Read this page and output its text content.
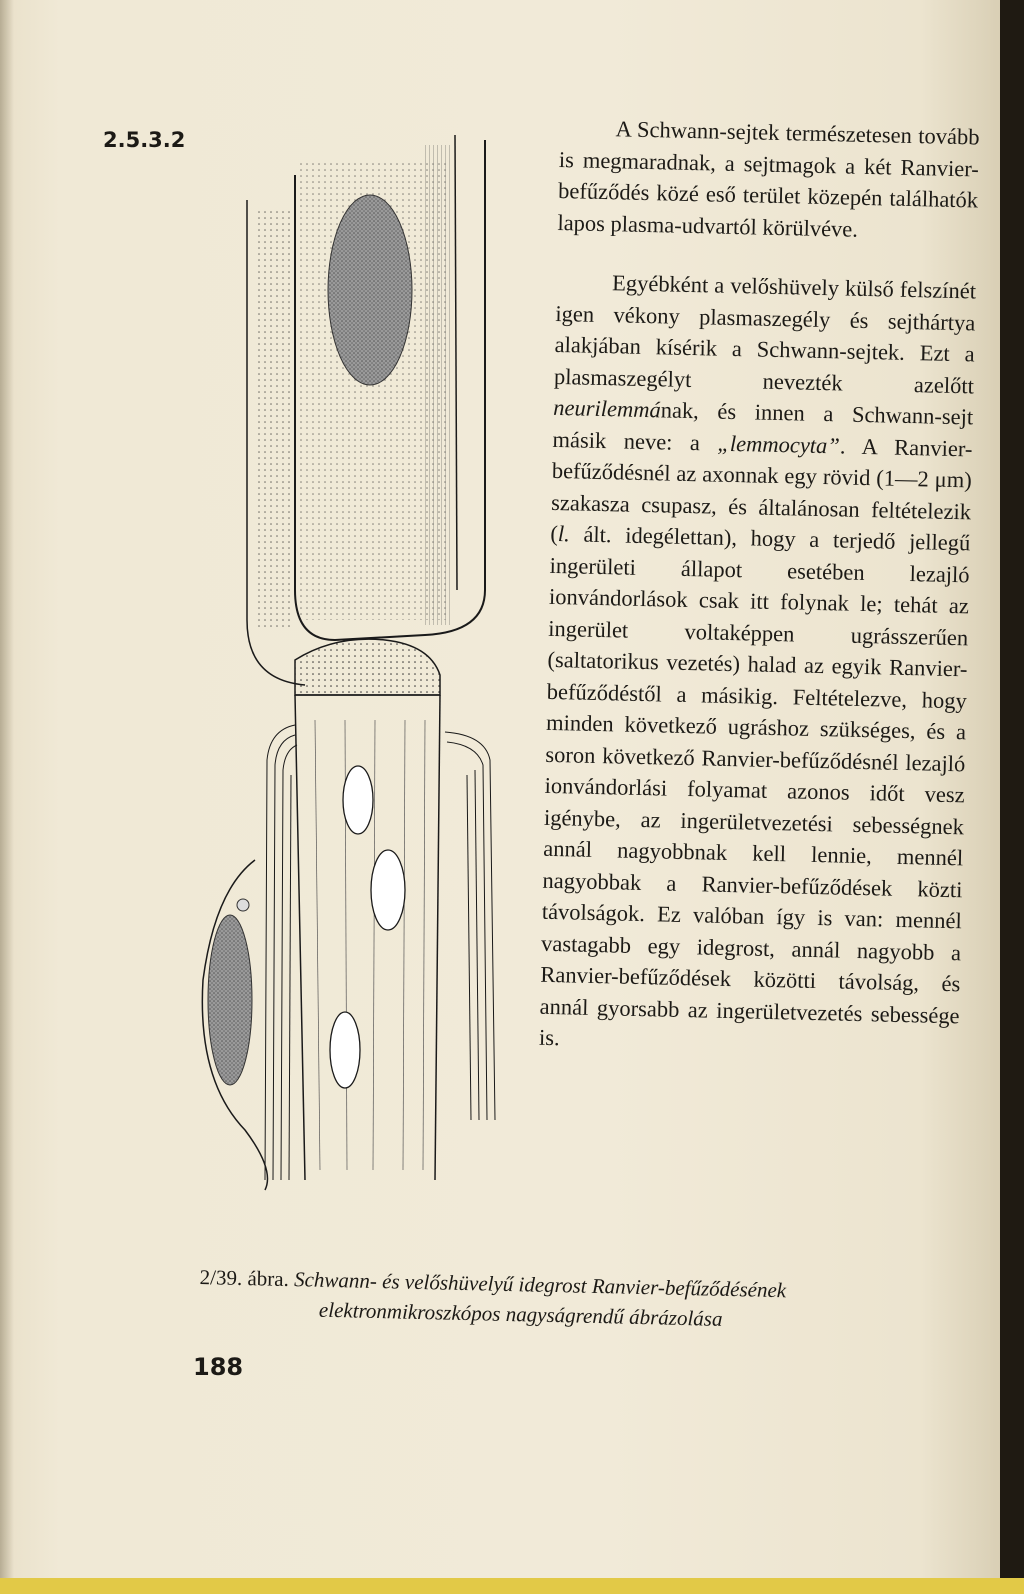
2.5.3.2	A Schwann-sejtek természetesen tovább is megmaradnak, a sejtmagok a két Ranvier-befűződés közé eső terület közepén találhatók lapos plasma-udvartól körülvéve.

Egyébként a velőshüvely külső felszínét igen vékony plasmaszegély és sejthártya alakjában kísérik a Schwann-sejtek. Ezt a plasmaszegélyt nevezték azelőtt neurilemmának, és innen a Schwann-sejt másik neve: a „lemmocyta”. A Ranvier-befűződésnél az axonnak egy rövid (1—2 μm) szakasza csupasz, és általánosan feltételezik (l. ált. idegélettan), hogy a terjedő jellegű ingerületi állapot esetében lezajló ionvándorlások csak itt folynak le; tehát az ingerület voltaképpen ugrásszerűen (saltatorikus vezetés) halad az egyik Ranvier-befűződéstől a másikig. Feltételezve, hogy minden következő ugráshoz szükséges, és a soron következő Ranvier-befűződésnél lezajló ionvándorlási folyamat azonos időt vesz igénybe, az ingerületvezetési sebességnek annál nagyobbnak kell lennie, mennél nagyobbak a Ranvier-befűződések közti távolságok. Ez valóban így is van: mennél vastagabb egy idegrost, annál nagyobb a Ranvier-befűződések közötti távolság, és annál gyorsabb az ingerületvezetés sebessége is.

2/39. ábra. Schwann- és velőshüvelyű idegrost Ranvier-befűződésének
elektronmikroszkópos nagyságrendű ábrázolása
188
